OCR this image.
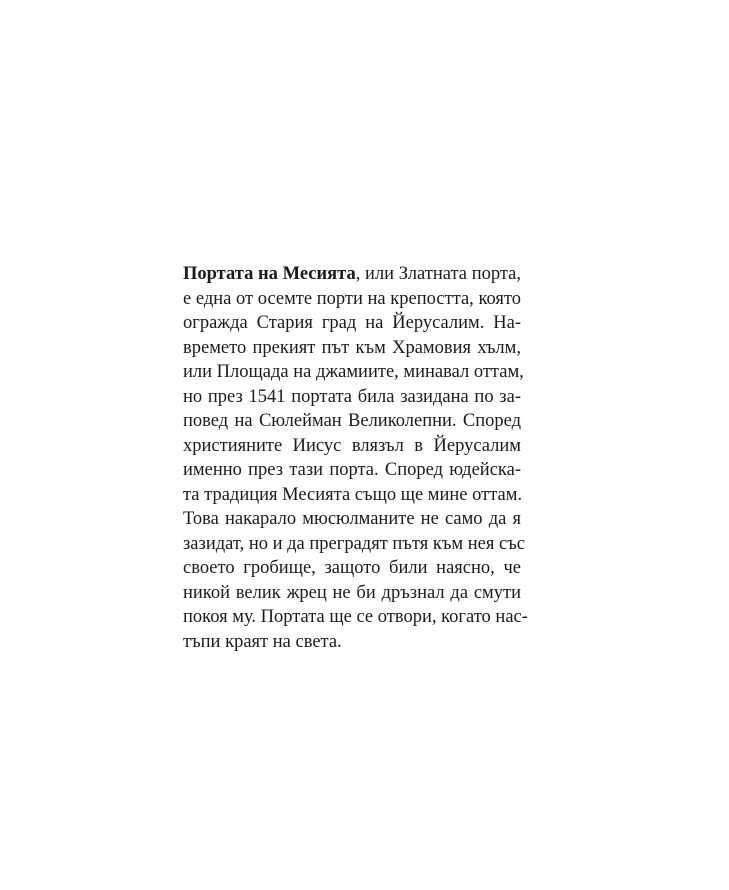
Портата на Месията, или Златната порта,
е една от осемте порти на крепостта, която
огражда Стария град на Йерусалим. На-
времето прекият път към Храмовия хълм,
или Площада на джамиите, минавал оттам,
но през 1541 портата била зазидана по за-
повед на Сюлейман Великолепни. Според
християните Иисус влязъл в Йерусалим
именно през тази порта. Според юдейска-
та традиция Месията също ще мине оттам.
Това накарало мюсюлманите не само да я
зазидат, но и да преградят пътя към нея със
своето гробище, защото били наясно, че
никой велик жрец не би дръзнал да смути
покоя му. Портата ще се отвори, когато нас-
тъпи краят на света.
